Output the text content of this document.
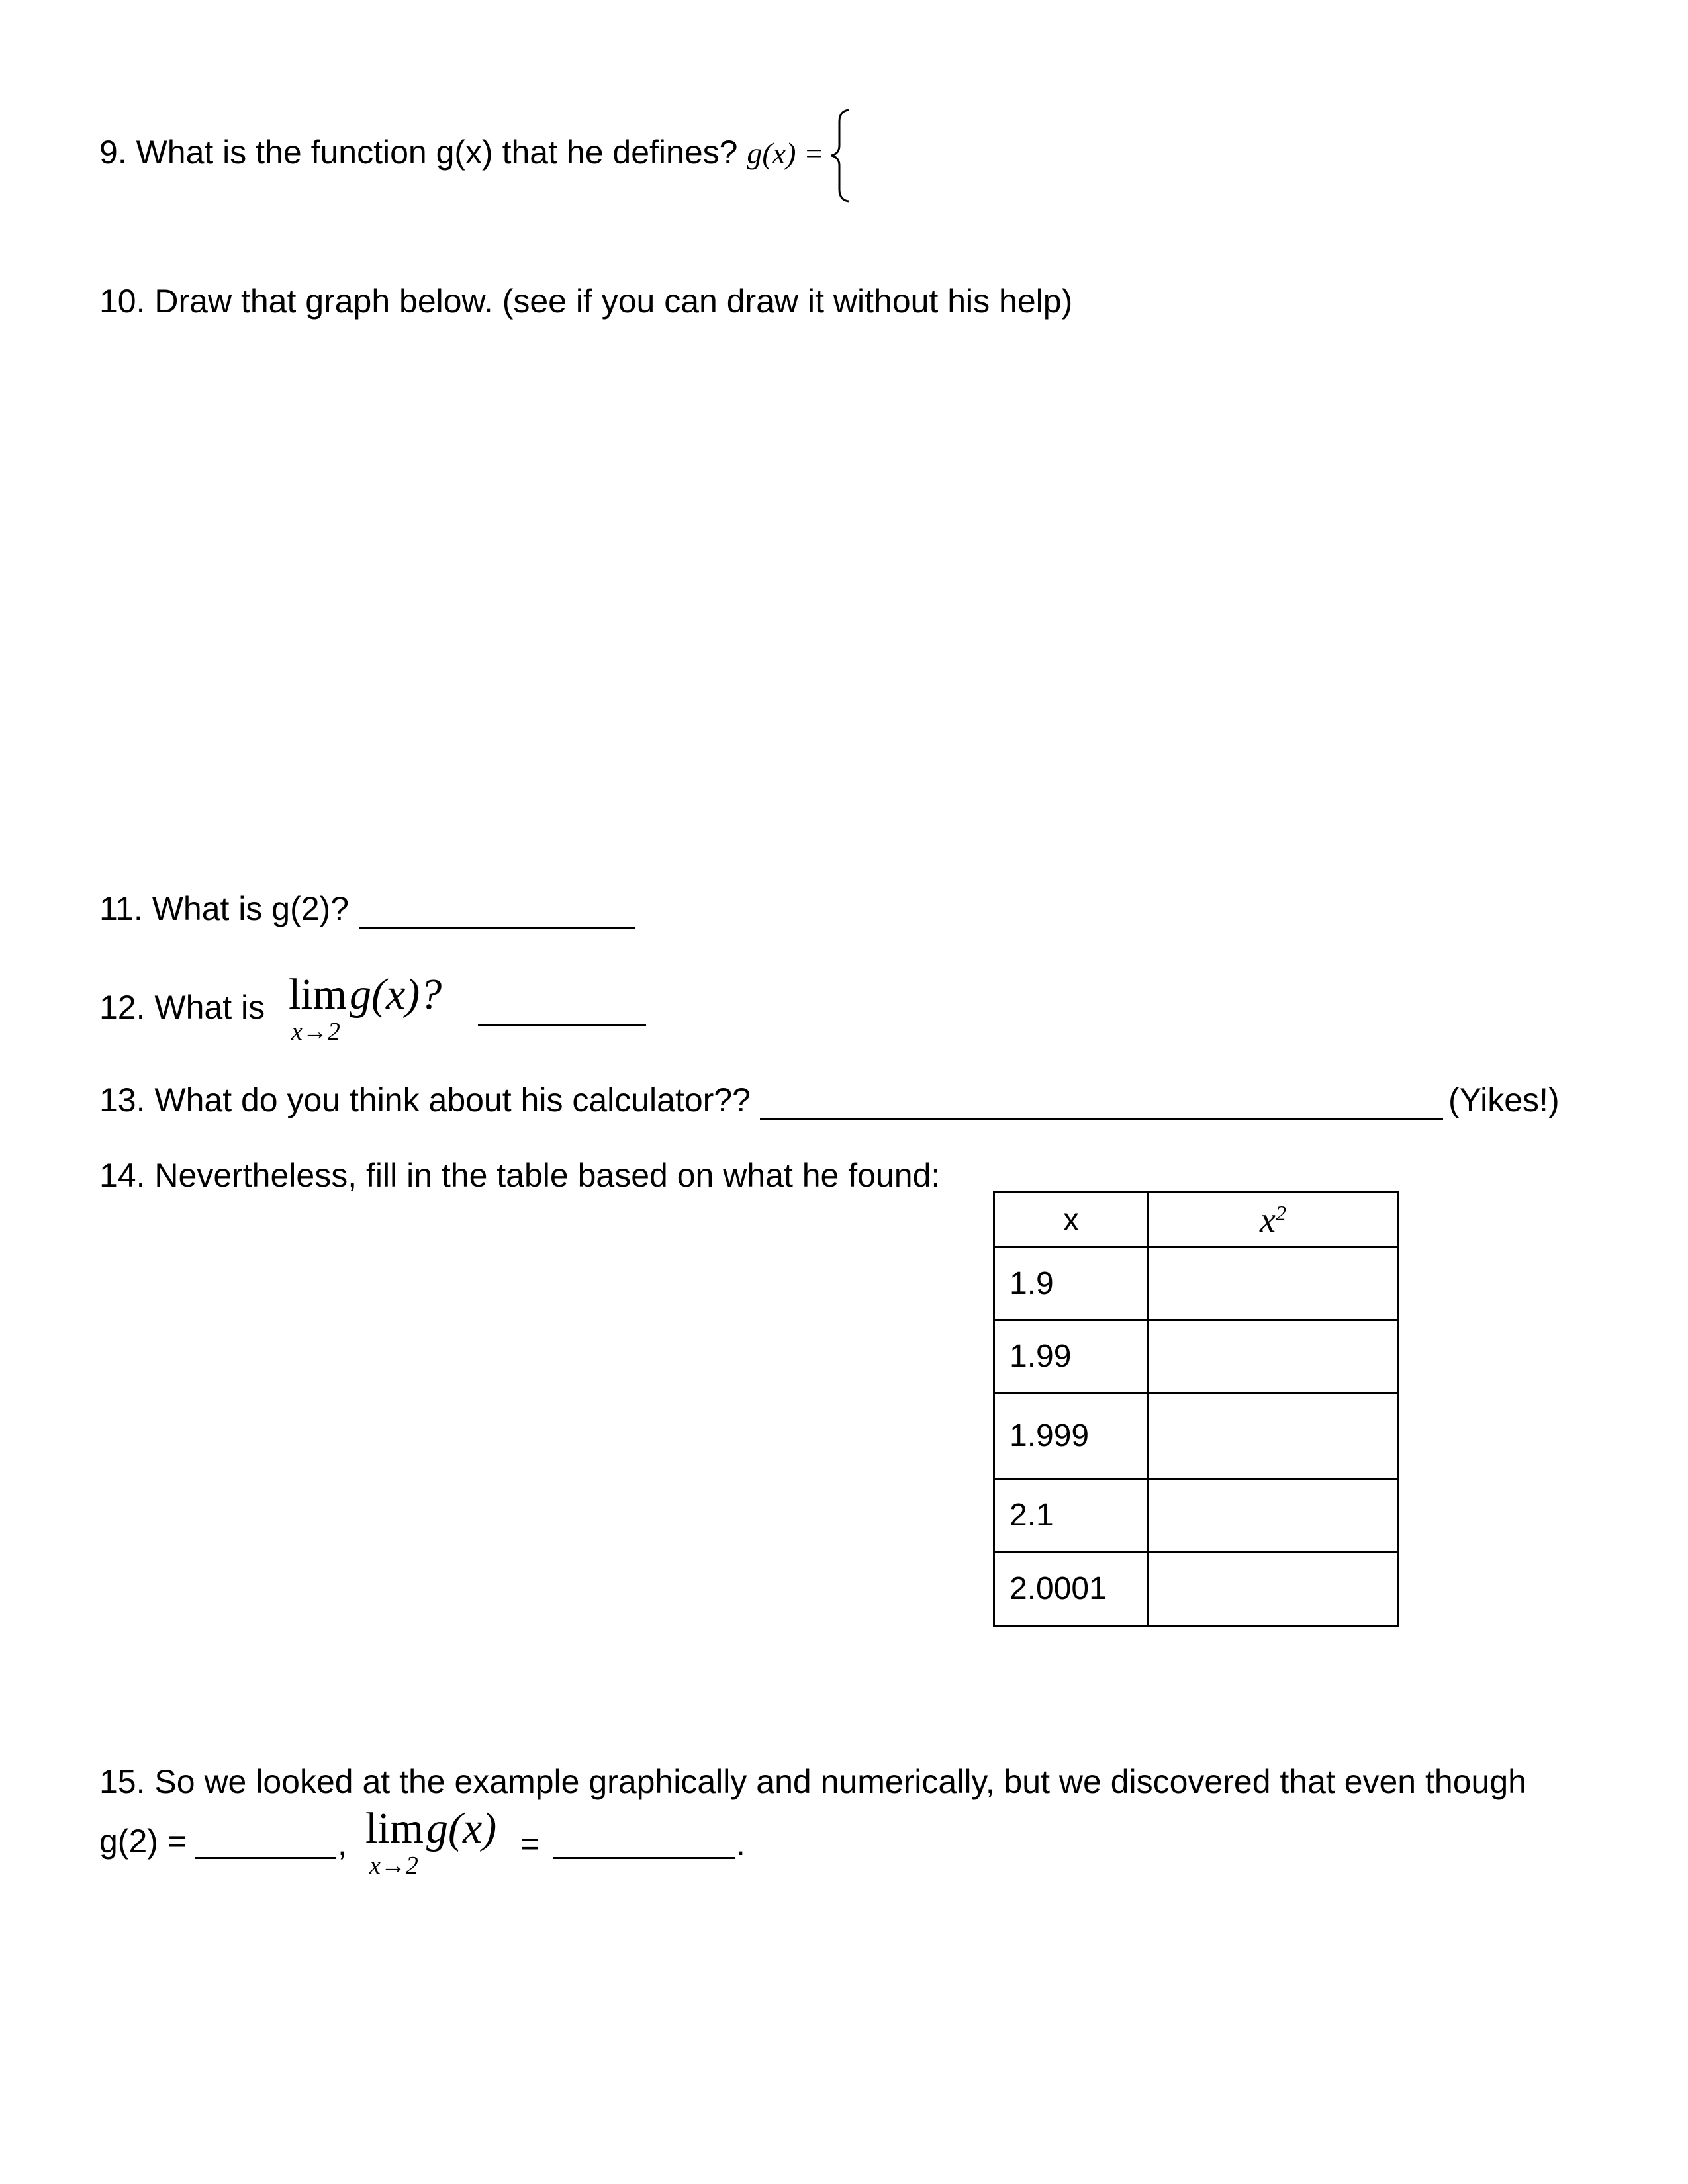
9. What is the function g(x) that he defines? g(x) =
10. Draw that graph below. (see if you can draw it without his help)
11. What is g(2)?
12. What is lim g(x)?
x→2
13. What do you think about his calculator??	(Yikes!)
14. Nevertheless, fill in the table based on what he found:
x	$x^2$
1.9	
1.99	
1.999	
2.1	
2.0001	
15. So we looked at the example graphically and numerically, but we discovered that even though
g(2) =	, lim g(x)
x→2
=	.
